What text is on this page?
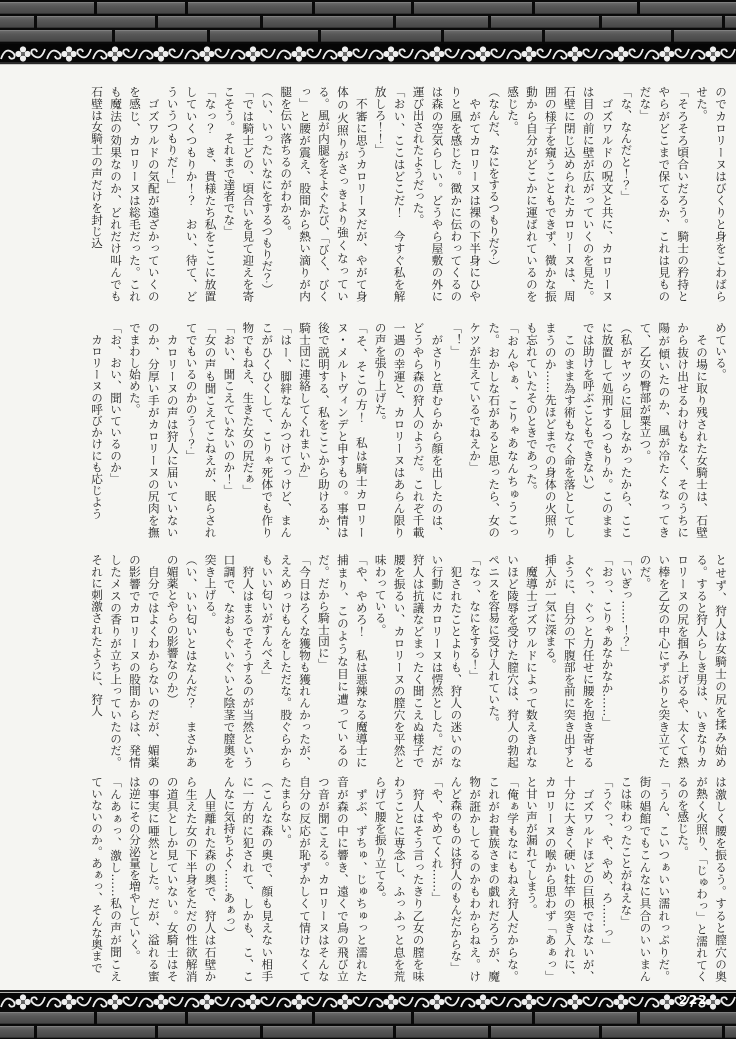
のでカロリーヌはびくりと身をこわばらせた。

「そろそろ頃合いだろう。騎士の矜持とやらがどこまで保てるか、これは見ものだな」

「な、なんだと！？」

　ゴズワルドの呪文と共に、カロリーヌは目の前に壁が広がっていくのを見た。石壁に閉じ込められたカロリーヌは、周囲の様子を窺うこともできず、微かな振動から自分がどこかに運ばれているのを感じた。

（なんだ、なにをするつもりだ？）

　やがてカロリーヌは裸の下半身にひやりと風を感じた。微かに伝わってくるのは森の空気らしい。どうやら屋敷の外に運び出されたようだった。

「おい、ここはどこだ！　今すぐ私を解放しろ！！」

　不審に思うカロリーヌだが、やがて身体の火照りがさっきより強くなっている。風が内腿をそよぐたび、「びく、びくっ」と腰が震え、股間から熱い滴りが内腿を伝い落ちるのがわかる。

（い、いったいなにをするつもりだ？）

「では騎士どの、頃合いを見て迎えを寄こそう。それまで達者でな」

「なっ？　き、貴様たち私をここに放置していくつもりか！？　おい、待て、どういうつもりだ！」

　ゴズワルドの気配が遠ざかっていくのを感じ、カロリーヌは総毛だった。これも魔法の効果なのか、どれだけ叫んでも石壁は女騎士の声だけを封じ込

めている。

　その場に取り残された女騎士は、石壁から抜け出せるわけもなく、そのうちに陽が傾いたのか、風が冷たくなってきて、乙女の臀部が粟立つ。

（私がヤツらに屈しなかったから、ここに放置して処刑するつもりか。このままでは助けを呼ぶこともできない）

　このまま為す術もなく命を落としてしまうのか……先ほどまでの身体の火照りも忘れていたそのときであった。

「おんやぁ、こりゃあなんちゅうこった。おかしな石があると思ったら、女のケツが生えているでねえか」

「！」

　がさりと草むらから顔を出したのは、どうやら森の狩人のようだ。これぞ千載一遇の幸運と、カロリーヌはあらん限りの声を張り上げた。

「そ、そこの方！　私は騎士カロリーヌ・メルトヴィンデと申すもの。事情は後で説明する、私をここから助けるか、騎士団に連絡してくれまいか」

「はー、脚絆なんかつけてっけど、まんこがひくひくして、こりゃ死体でも作り物でもねえ、生きた女の尻だぁ」

「おい、聞こえていないのか！」

「女の声も聞こえてこねえが、眠らされてでもいるのかのう～？」

　カロリーヌの声は狩人に届いていないのか、分厚い手がカロリーヌの尻肉を撫でまわし始めた。

「お、おい、聞いているのか」

　カロリーヌの呼びかけにも応じよう

とせず、狩人は女騎士の尻を揉み始める。すると狩人らしき男は、いきなりカロリーヌの尻を掴み上げるや、太くて熱い棒を乙女の中心にずぶりと突き立てたのだ。

「いぎっ……！？」

「おっ、こりゃあなかなか……」

　ぐっ、ぐっと力任せに腰を抱き寄せるように、自分の下腹部を前に突き出すと挿入が一気に深まる。

　魔導士ゴズワルドによって数えきれないほど陵辱を受けた膣穴は、狩人の勃起ペニスを容易に受け入れていた。

「なっ、なにをする！」

　犯されたことよりも、狩人の迷いのない行動にカロリーヌは愕然とした。だが狩人は抗議などまったく聞こえぬ様子で腰を振るい、カロリーヌの膣穴を平然と味わっている。

「や、やめろ！　私は悪辣なる魔導士に捕まり、このような目に遭っているのだ。だから騎士団に」

「今日はろくな獲物も獲れんかったが、ええめっけもんをしただな。股ぐらからもいい匂いがすんべえ」

　狩人はまるでそうするのが当然という口調で、なおもぐいぐいと陰茎で膣奥を突き上げる。

（い、いい匂いとはなんだ？　まさかあの媚薬とやらの影響なのか）

　自分ではよくわからないのだが、媚薬の影響でカロリーヌの股間からは、発情したメスの香りが立ち上っていたのだ。それに刺激されたように、狩人

は激しく腰を振るう。すると膣穴の奥が熱く火照り、「じゅわっ」と濡れてくるのを感じた。

「うん、こいつぁいい濡れっぷりだ。街の娼館でもこんなに具合のいいまんこは味わったことがねえな」

「うぐっ、や、やめ、ろ……っ」

　ゴズワルドほどの巨根ではないが、十分に大きく硬い牡竿の突き入れに、カロリーヌの喉から思わず「あぁっ」と甘い声が漏れてしまう。

「俺ぁ学もなにもねえ狩人だからな。これがお貴族さまの戯れだろうが、魔物が誑かしてるのかもわからねえ。けんど森のものは狩人のもんだからな」

「や、やめてくれ……」

　狩人はそう言ったきり乙女の膣を味わうことに専念し、ふっふっと息を荒らげて腰を振り立てる。

　ずぶ、ずちゅ、じゅちゅっと濡れた音が森の中に響き、遠くで鳥の飛び立つ音が聞こえる。カロリーヌはそんな自分の反応が恥ずかしくて情けなくてたまらない。

（こんな森の奥で、顔も見えない相手に一方的に犯されて、しかも、こ、こんなに気持ちよく……あぁっ）

　人里離れた森の奥で、狩人は石壁から生えた女の下半身をただの性欲解消の道具としか見ていない。女騎士はその事実に唖然とした。だが、溢れる蜜は逆にその分泌量を増やしていく。

「んあぁっ、激し……私の声が聞こえていないのか。あぁっ、そんな奥まで

222
